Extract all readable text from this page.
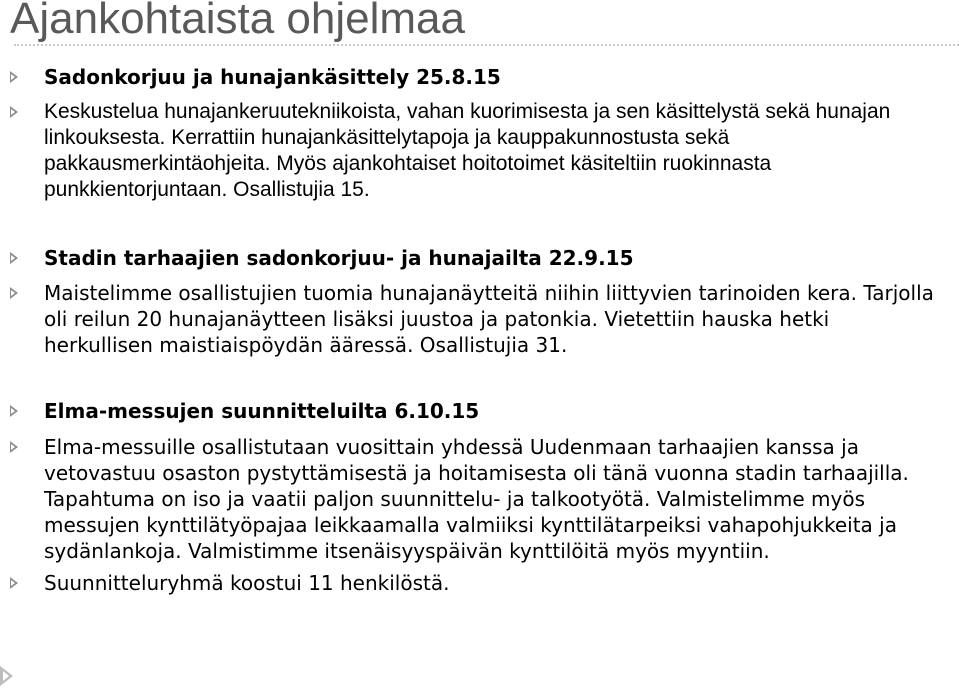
Ajankohtaista ohjelmaa
Sadonkorjuu ja hunajankäsittely 25.8.15
Keskustelua hunajankeruutekniikoista, vahan kuorimisesta ja sen käsittelystä sekä hunajan linkouksesta. Kerrattiin hunajankäsittelytapoja ja kauppakunnostusta sekä pakkausmerkintäohjeita. Myös ajankohtaiset hoitotoimet käsiteltiin ruokinnasta punkkientorjuntaan. Osallistujia 15.
Stadin tarhaajien sadonkorjuu- ja hunajailta 22.9.15
Maistelimme osallistujien tuomia hunajanäytteitä niihin liittyvien tarinoiden kera. Tarjolla oli reilun 20 hunajanäytteen lisäksi juustoa ja patonkia. Vietettiin hauska hetki herkullisen maistiaispöydän ääressä. Osallistujia 31.
Elma-messujen suunnitteluilta 6.10.15
Elma-messuille osallistutaan vuosittain yhdessä Uudenmaan tarhaajien kanssa ja vetovastuu osaston pystyttämisestä ja hoitamisesta oli tänä vuonna stadin tarhaajilla. Tapahtuma on iso ja vaatii paljon suunnittelu- ja talkootyötä. Valmistelimme myös messujen kynttilätyöpajaa leikkaamalla valmiiksi kynttilätarpeiksi vahapohjukkeita ja sydänlankoja. Valmistimme itsenäisyyspäivän kynttilöitä myös myyntiin.
Suunnitteluryhmä koostui 11 henkilöstä.
